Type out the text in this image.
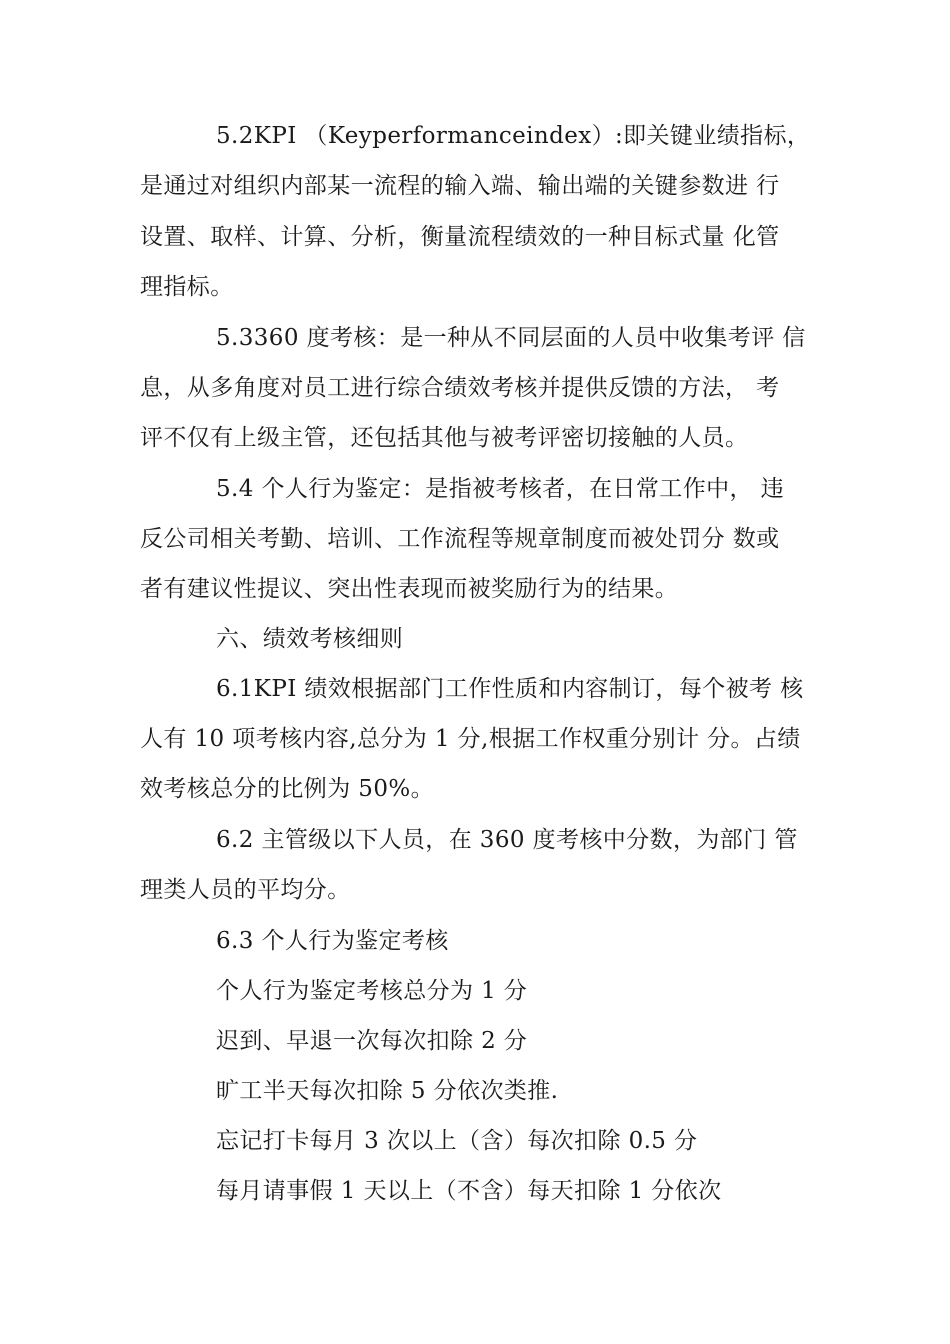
5.2KPI （Keyperformanceindex）:即关键业绩指标，
是通过对组织内部某一流程的输入端、输出端的关键参数进 行
设置、取样、计算、分析，衡量流程绩效的一种目标式量 化管
理指标。
5.3360 度考核：是一种从不同层面的人员中收集考评 信
息，从多角度对员工进行综合绩效考核并提供反馈的方法， 考
评不仅有上级主管，还包括其他与被考评密切接触的人员。
5.4 个人行为鉴定：是指被考核者，在日常工作中， 违
反公司相关考勤、培训、工作流程等规章制度而被处罚分 数或
者有建议性提议、突出性表现而被奖励行为的结果。
六、绩效考核细则
6.1KPI 绩效根据部门工作性质和内容制订，每个被考 核
人有 10 项考核内容,总分为 1 分,根据工作权重分别计 分。占绩
效考核总分的比例为 50%。
6.2 主管级以下人员，在 360 度考核中分数，为部门 管
理类人员的平均分。
6.3 个人行为鉴定考核
个人行为鉴定考核总分为 1 分
迟到、早退一次每次扣除 2 分
旷工半天每次扣除 5 分依次类推.
忘记打卡每月 3 次以上（含）每次扣除 0.5 分
每月请事假 1 天以上（不含）每天扣除 1 分依次
